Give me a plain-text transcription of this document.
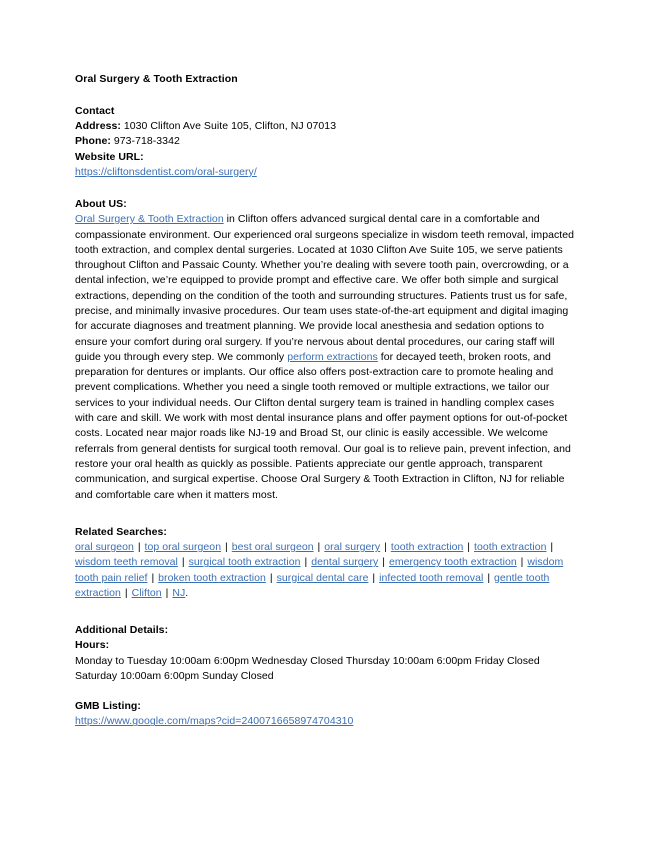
Oral Surgery & Tooth Extraction
Contact
Address: 1030 Clifton Ave Suite 105, Clifton, NJ 07013
Phone: 973-718-3342
Website URL:
https://cliftonsdentist.com/oral-surgery/
About US:
Oral Surgery & Tooth Extraction in Clifton offers advanced surgical dental care in a comfortable and compassionate environment. Our experienced oral surgeons specialize in wisdom teeth removal, impacted tooth extraction, and complex dental surgeries. Located at 1030 Clifton Ave Suite 105, we serve patients throughout Clifton and Passaic County. Whether you’re dealing with severe tooth pain, overcrowding, or a dental infection, we’re equipped to provide prompt and effective care. We offer both simple and surgical extractions, depending on the condition of the tooth and surrounding structures. Patients trust us for safe, precise, and minimally invasive procedures. Our team uses state-of-the-art equipment and digital imaging for accurate diagnoses and treatment planning. We provide local anesthesia and sedation options to ensure your comfort during oral surgery. If you’re nervous about dental procedures, our caring staff will guide you through every step. We commonly perform extractions for decayed teeth, broken roots, and preparation for dentures or implants. Our office also offers post-extraction care to promote healing and prevent complications. Whether you need a single tooth removed or multiple extractions, we tailor our services to your individual needs. Our Clifton dental surgery team is trained in handling complex cases with care and skill. We work with most dental insurance plans and offer payment options for out-of-pocket costs. Located near major roads like NJ-19 and Broad St, our clinic is easily accessible. We welcome referrals from general dentists for surgical tooth removal. Our goal is to relieve pain, prevent infection, and restore your oral health as quickly as possible. Patients appreciate our gentle approach, transparent communication, and surgical expertise. Choose Oral Surgery & Tooth Extraction in Clifton, NJ for reliable and comfortable care when it matters most.
Related Searches:
oral surgeon | top oral surgeon | best oral surgeon | oral surgery | tooth extraction | tooth extraction | wisdom teeth removal | surgical tooth extraction | dental surgery | emergency tooth extraction | wisdom tooth pain relief | broken tooth extraction | surgical dental care | infected tooth removal | gentle tooth extraction | Clifton | NJ.
Additional Details:
Hours:
Monday to Tuesday 10:00am 6:00pm Wednesday Closed Thursday 10:00am 6:00pm Friday Closed
Saturday 10:00am 6:00pm Sunday Closed
GMB Listing:
https://www.google.com/maps?cid=2400716658974704310
